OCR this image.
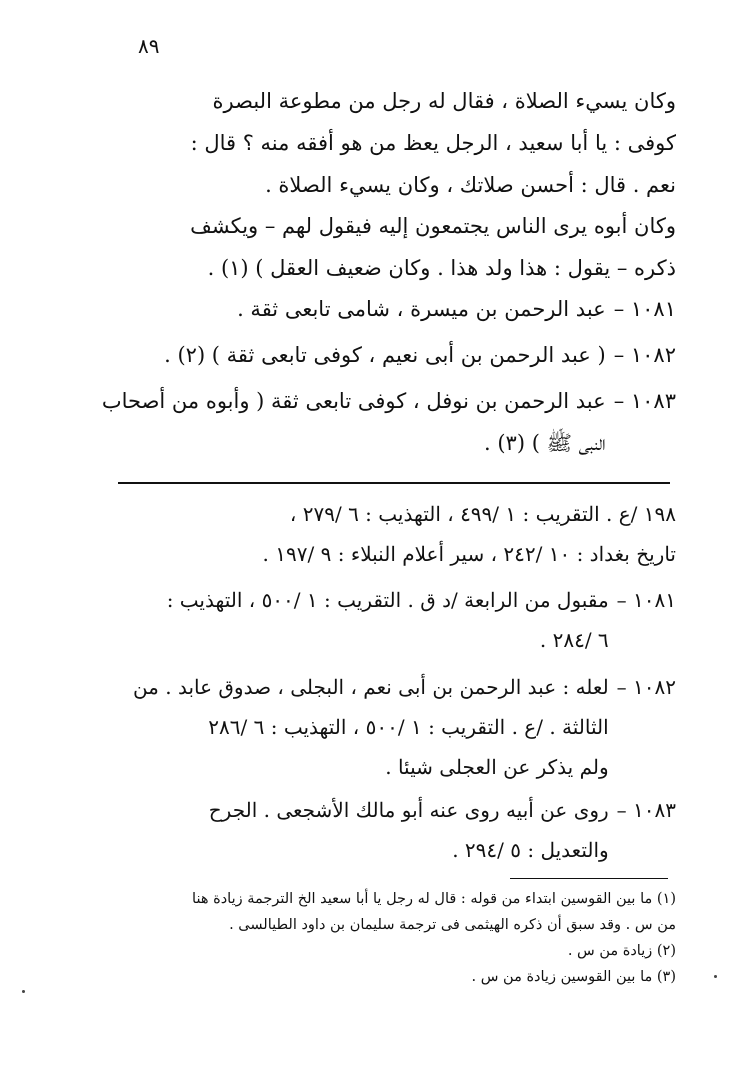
٨٩
وكان يسيء الصلاة ، فقال له رجل من مطوعة البصرة
كوفى : يا أبا سعيد ، الرجل يعظ من هو أفقه منه ؟ قال :
نعم . قال : أحسن صلاتك ، وكان يسيء الصلاة .
وكان أبوه يرى الناس يجتمعون إليه فيقول لهم – ويكشف
ذكره – يقول : هذا ولد هذا . وكان ضعيف العقل ) (١) .
١٠٨١ –
عبد الرحمن بن ميسرة ، شامى تابعى ثقة .
١٠٨٢ –
( عبد الرحمن بن أبى نعيم ، كوفى تابعى ثقة ) (٢) .
١٠٨٣ –
عبد الرحمن بن نوفل ، كوفى تابعى ثقة ( وأبوه من أصحاب
النبى ﷺ ) (٣) .
١٩٨ /ع . التقريب : ١ /٤٩٩ ، التهذيب : ٦ /٢٧٩ ،
تاريخ بغداد : ١٠ /٢٤٢ ، سير أعلام النبلاء : ٩ /١٩٧ .
١٠٨١ –
مقبول من الرابعة /د ق . التقريب : ١ /٥٠٠ ، التهذيب :
٦ /٢٨٤ .
١٠٨٢ –
لعله : عبد الرحمن بن أبى نعم ، البجلى ، صدوق عابد . من
الثالثة . /ع . التقريب : ١ /٥٠٠ ، التهذيب : ٦ /٢٨٦
ولم يذكر عن العجلى شيئا .
١٠٨٣ –
روى عن أبيه روى عنه أبو مالك الأشجعى . الجرح
والتعديل : ٥ /٢٩٤ .
(١) ما بين القوسين ابتداء من قوله : قال له رجل يا أبا سعيد الخ الترجمة زيادة هنا
من س . وقد سبق أن ذكره الهيثمى فى ترجمة سليمان بن داود الطيالسى .
(٢) زيادة من س .
(٣) ما بين القوسين زيادة من س .
